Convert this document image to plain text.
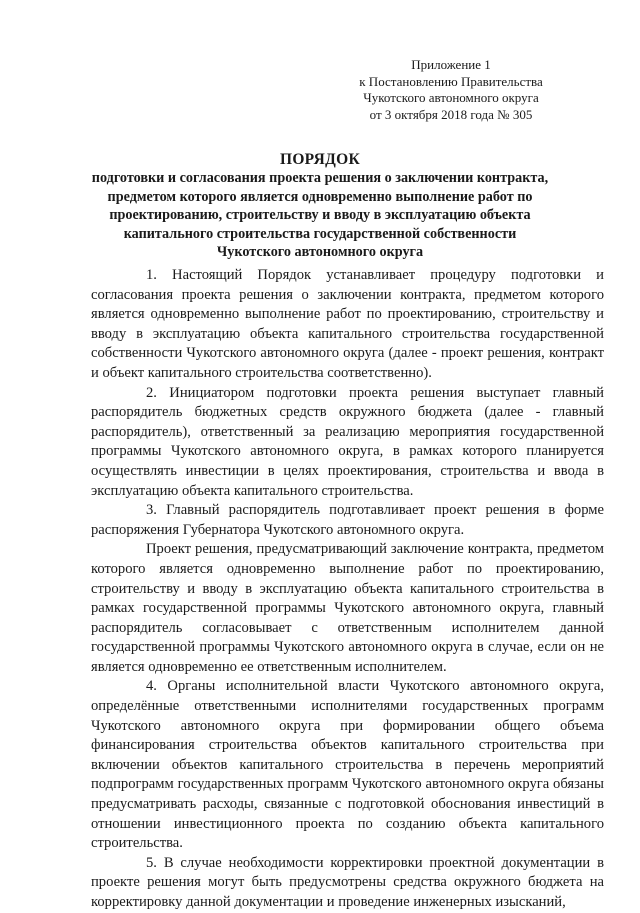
Приложение 1
к Постановлению Правительства
Чукотского автономного округа
от 3 октября 2018 года № 305
ПОРЯДОК
подготовки и согласования проекта решения о заключении контракта,
предметом которого является одновременно выполнение работ по
проектированию, строительству и вводу в эксплуатацию объекта
капитального строительства государственной собственности
Чукотского автономного округа

1. Настоящий Порядок устанавливает процедуру подготовки и согласования проекта решения о заключении контракта, предметом которого является одновременно выполнение работ по проектированию, строительству и вводу в эксплуатацию объекта капитального строительства государственной собственности Чукотского автономного округа (далее - проект решения, контракт и объект капитального строительства соответственно).

2. Инициатором подготовки проекта решения выступает главный распорядитель бюджетных средств окружного бюджета (далее - главный распорядитель), ответственный за реализацию мероприятия государственной программы Чукотского автономного округа, в рамках которого планируется осуществлять инвестиции в целях проектирования, строительства и ввода в эксплуатацию объекта капитального строительства.

3. Главный распорядитель подготавливает проект решения в форме распоряжения Губернатора Чукотского автономного округа.

Проект решения, предусматривающий заключение контракта, предметом которого является одновременно выполнение работ по проектированию, строительству и вводу в эксплуатацию объекта капитального строительства в рамках государственной программы Чукотского автономного округа, главный распорядитель согласовывает с ответственным исполнителем данной государственной программы Чукотского автономного округа в случае, если он не является одновременно ее ответственным исполнителем.

4. Органы исполнительной власти Чукотского автономного округа, определённые ответственными исполнителями государственных программ Чукотского автономного округа при формировании общего объема финансирования строительства объектов капитального строительства при включении объектов капитального строительства в перечень мероприятий подпрограмм государственных программ Чукотского автономного округа обязаны предусматривать расходы, связанные с подготовкой обоснования инвестиций в отношении инвестиционного проекта по созданию объекта капитального строительства.

5. В случае необходимости корректировки проектной документации в проекте решения могут быть предусмотрены средства окружного бюджета на корректировку данной документации и проведение инженерных изысканий,
